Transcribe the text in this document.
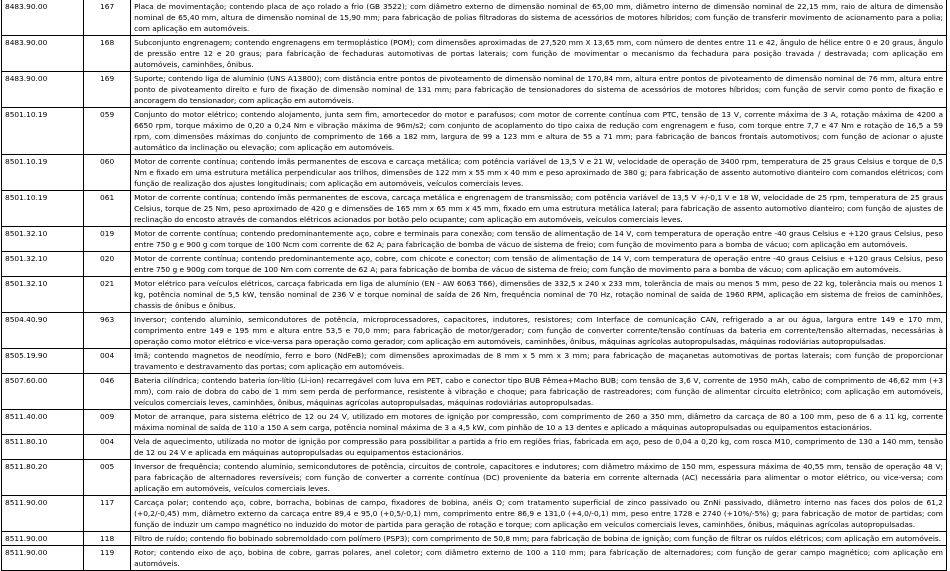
8483.90.00	167	Placa de movimentação; contendo placa de aço rolado a frio (GB 3522); com diâmetro externo de dimensão nominal de 65,00 mm, diâmetro interno de dimensão nominal de 22,15 mm, raio de altura de dimensão nominal de 65,40 mm, altura de dimensão nominal de 15,90 mm; para fabricação de polias filtradoras do sistema de acessórios de motores híbridos; com função de transferir movimento de acionamento para a polia; com aplicação em automóveis.
8483.90.00	168	Subconjunto engrenagem; contendo engrenagens em termoplástico (POM); com dimensões aproximadas de 27,520 mm X 13,65 mm, com número de dentes entre 11 e 42, ângulo de hélice entre 0 e 20 graus, ângulo de pressão entre 12 e 20 graus; para fabricação de fechaduras automotivas de portas laterais; com função de movimentar o mecanismo da fechadura para posição travada / destravada; com aplicação em automóveis, caminhões, ônibus.
8483.90.00	169	Suporte; contendo liga de alumínio (UNS A13800); com distância entre pontos de pivoteamento de dimensão nominal de 170,84 mm, altura entre pontos de pivoteamento de dimensão nominal de 76 mm, altura entre ponto de pivoteamento direito e furo de fixação de dimensão nominal de 131 mm; para fabricação de tensionadores do sistema de acessórios de motores híbridos; com função de servir como ponto de fixação e ancoragem do tensionador; com aplicação em automóveis.
8501.10.19	059	Conjunto do motor elétrico; contendo alojamento, junta sem fim, amortecedor do motor e parafusos; com motor de corrente contínua com PTC, tensão de 13 V, corrente máxima de 3 A, rotação máxima de 4200 a 6650 rpm, torque máximo de 0,20 a 0,24 Nm e vibração máxima de 96m/s2; com conjunto de acoplamento do tipo caixa de redução com engrenagem e fuso, com torque entre 7,7 e 47 Nm e rotação de 16,5 a 59 rpm, com dimensões máximas do conjunto de comprimento de 166 a 182 mm, largura de 99 a 123 mm e altura de 55 a 71 mm; para fabricação de bancos frontais automotivos; com função de acionar o ajuste automático da inclinação ou elevação; com aplicação em automóveis.
8501.10.19	060	Motor de corrente contínua; contendo ímãs permanentes de escova e carcaça metálica; com potência variável de 13,5 V e 21 W, velocidade de operação de 3400 rpm, temperatura de 25 graus Celsius e torque de 0,5 Nm e fixado em uma estrutura metálica perpendicular aos trilhos, dimensões de 122 mm x 55 mm x 40 mm e peso aproximado de 380 g; para fabricação de assento automotivo dianteiro com comandos elétricos; com função de realização dos ajustes longitudinais; com aplicação em automóveis, veículos comerciais leves.
8501.10.19	061	Motor de corrente contínua; contendo ímãs permanentes de escova, carcaça metálica e engrenagem de transmissão; com potência variável de 13,5 V +/-0,1 V e 18 W, velocidade de 25 rpm, temperatura de 25 graus Celsius, torque de 25 Nm, peso aproximado de 420 g e dimensões de 165 mm x 65 mm x 45 mm, fixado em uma estrutura metálica lateral; para fabricação de assento automotivo dianteiro; com função de ajustes de reclinação do encosto através de comandos elétricos acionados por botão pelo ocupante; com aplicação em automóveis, veículos comerciais leves.
8501.32.10	019	Motor de corrente contínua; contendo predominantemente aço, cobre e terminais para conexão; com tensão de alimentação de 14 V, com temperatura de operação entre -40 graus Celsius e +120 graus Celsius, peso entre 750 g e 900 g com torque de 100 Ncm com corrente de 62 A; para fabricação de bomba de vácuo de sistema de freio; com função de movimento para a bomba de vácuo; com aplicação em automóveis.
8501.32.10	020	Motor de corrente contínua; contendo predominantemente aço, cobre, com chicote e conector; com tensão de alimentação de 14 V, com temperatura de operação entre -40 graus Celsius e +120 graus Celsius, peso entre 750 g e 900g com torque de 100 Nm com corrente de 62 A; para fabricação de bomba de vácuo de sistema de freio; com função de movimento para a bomba de vácuo; com aplicação em automóveis.
8501.32.10	021	Motor elétrico para veículos elétricos, carcaça fabricada em liga de alumínio (EN - AW 6063 T66), dimensões de 332,5 x 240 x 233 mm, tolerância de mais ou menos 5 mm, peso de 22 kg, tolerância mais ou menos 1 kg, potência nominal de 5,5 kW, tensão nominal de 236 V e torque nominal de saída de 26 Nm, frequência nominal de 70 Hz, rotação nominal de saída de 1960 RPM, aplicação em sistema de freios de caminhões, chassis de ônibus e ônibus.
8504.40.90	963	Inversor; contendo alumínio, semicondutores de potência, microprocessadores, capacitores, indutores, resistores; com Interface de comunicação CAN, refrigerado a ar ou água, largura entre 149 e 170 mm, comprimento entre 149 e 195 mm e altura entre 53,5 e 70,0 mm; para fabricação de motor/gerador; com função de converter corrente/tensão contínuas da bateria em corrente/tensão alternadas, necessárias à operação como motor elétrico e vice-versa para operação como gerador; com aplicação em automóveis, caminhões, ônibus, máquinas agrícolas autopropulsadas, máquinas rodoviárias autopropulsadas.
8505.19.90	004	Imã; contendo magnetos de neodímio, ferro e boro (NdFeB); com dimensões aproximadas de 8 mm x 5 mm x 3 mm; para fabricação de maçanetas automotivas de portas laterais; com função de proporcionar travamento e destravamento das portas; com aplicação em automóveis.
8507.60.00	046	Bateria cilíndrica; contendo bateria íon-lítio (Li-ion) recarregável com luva em PET, cabo e conector tipo BUB Fêmea+Macho BUB; com tensão de 3,6 V, corrente de 1950 mAh, cabo de comprimento de 46,62 mm (+3 mm), com raio de dobra do cabo de 1 mm sem perda de performance, resistente à vibração e choque; para fabricação de rastreadores; com função de alimentar circuito eletrônico; com aplicação em automóveis, veículos comerciais leves, caminhões, ônibus, máquinas agrícolas autopropulsadas, máquinas rodoviárias autopropulsadas.
8511.40.00	009	Motor de arranque, para sistema elétrico de 12 ou 24 V, utilizado em motores de ignição por compressão, com comprimento de 260 a 350 mm, diâmetro da carcaça de 80 a 100 mm, peso de 6 a 11 kg, corrente máxima nominal de saída de 110 a 150 A sem carga, potência nominal máxima de 3 a 4,5 kW, com pinhão de 10 a 13 dentes e aplicado a máquinas autopropulsadas ou equipamentos estacionários.
8511.80.10	004	Vela de aquecimento, utilizada no motor de ignição por compressão para possibilitar a partida a frio em regiões frias, fabricada em aço, peso de 0,04 a 0,20 kg, com rosca M10, comprimento de 130 a 140 mm, tensão de 12 ou 24 V e aplicada em máquinas autopropulsadas ou equipamentos estacionários.
8511.80.20	005	Inversor de frequência; contendo alumínio, semicondutores de potência, circuitos de controle, capacitores e indutores; com diâmetro máximo de 150 mm, espessura máxima de 40,55 mm, tensão de operação 48 V; para fabricação de alternadores reversíveis; com função de converter a corrente contínua (DC) proveniente da bateria em corrente alternada (AC) necessária para alimentar o motor elétrico, ou vice-versa; com aplicação em automóveis, veículos comerciais leves.
8511.90.00	117	Carcaça polar; contendo aço, cobre, borracha, bobinas de campo, fixadores de bobina, anéis O; com tratamento superficial de zinco passivado ou ZnNi passivado, diâmetro interno nas faces dos polos de 61,2 (+0,2/-0,45) mm, diâmetro externo da carcaça entre 89,4 e 95,0 (+0,5/-0,1) mm, comprimento entre 86,9 e 131,0 (+4,0/-0,1) mm, peso entre 1728 e 2740 (+10%/-5%) g; para fabricação de motor de partidas; com função de induzir um campo magnético no induzido do motor de partida para geração de rotação e torque; com aplicação em veículos comerciais leves, caminhões, ônibus, máquinas agrícolas autopropulsadas.
8511.90.00	118	Filtro de ruído; contendo fio bobinado sobremoldado com polímero (PSP3); com comprimento de 50,8 mm; para fabricação de bobina de ignição; com função de filtrar os ruídos elétricos; com aplicação em automóveis.
8511.90.00	119	Rotor; contendo eixo de aço, bobina de cobre, garras polares, anel coletor; com diâmetro externo de 100 a 110 mm; para fabricação de alternadores; com função de gerar campo magnético; com aplicação em automóveis.
